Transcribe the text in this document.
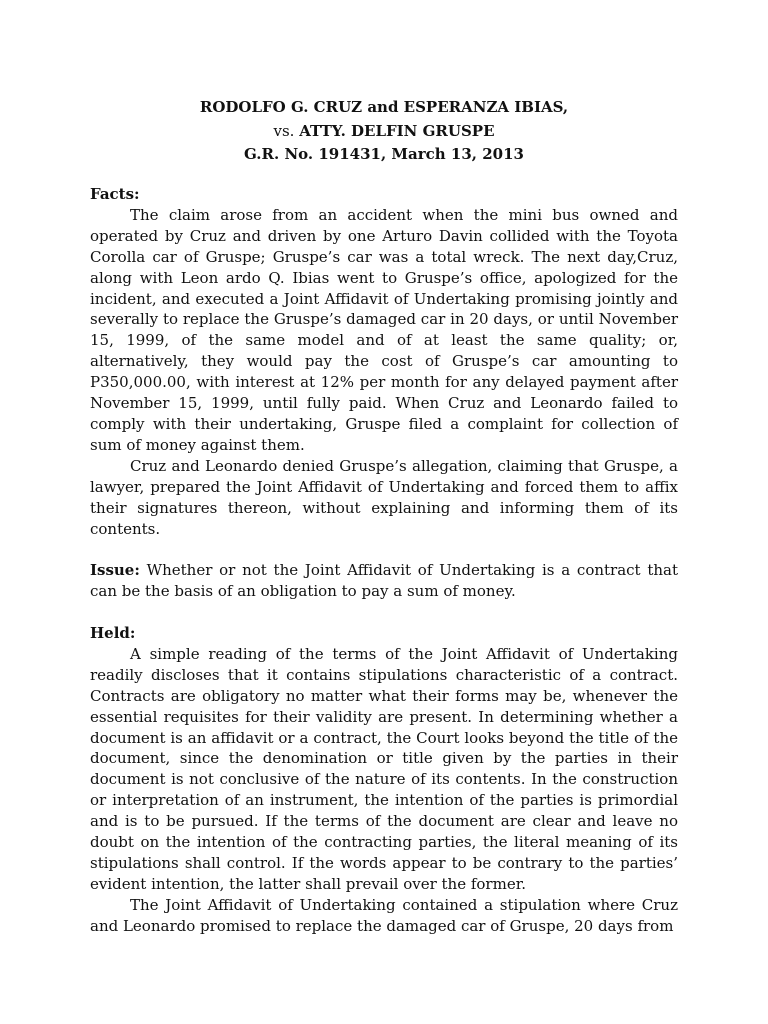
RODOLFO G. CRUZ and ESPERANZA IBIAS,
vs. ATTY. DELFIN GRUSPE
G.R. No. 191431, March 13, 2013

Facts:

The claim arose from an accident when the mini bus owned and operated by Cruz and driven by one Arturo Davin collided with the Toyota Corolla car of Gruspe; Gruspe’s car was a total wreck. The next day,Cruz, along with Leon ardo Q. Ibias went to Gruspe’s office, apologized for the incident, and executed a Joint Affidavit of Undertaking promising jointly and severally to replace the Gruspe’s damaged car in 20 days, or until November 15, 1999, of the same model and of at least the same quality; or, alternatively, they would pay the cost of Gruspe’s car amounting to P350,000.00, with interest at 12% per month for any delayed payment after November 15, 1999, until fully paid. When Cruz and Leonardo failed to comply with their undertaking, Gruspe filed a complaint for collection of sum of money against them.

Cruz and Leonardo denied Gruspe’s allegation, claiming that Gruspe, a lawyer, prepared the Joint Affidavit of Undertaking and forced them to affix their signatures thereon, without explaining and informing them of its contents.

Issue: Whether or not the Joint Affidavit of Undertaking is a contract that can be the basis of an obligation to pay a sum of money.

Held:

A simple reading of the terms of the Joint Affidavit of Undertaking readily discloses that it contains stipulations characteristic of a contract. Contracts are obligatory no matter what their forms may be, whenever the essential requisites for their validity are present. In determining whether a document is an affidavit or a contract, the Court looks beyond the title of the document, since the denomination or title given by the parties in their document is not conclusive of the nature of its contents. In the construction or interpretation of an instrument, the intention of the parties is primordial and is to be pursued. If the terms of the document are clear and leave no doubt on the intention of the contracting parties, the literal meaning of its stipulations shall control. If the words appear to be contrary to the parties’ evident intention, the latter shall prevail over the former.

The Joint Affidavit of Undertaking contained a stipulation where Cruz and Leonardo promised to replace the damaged car of Gruspe, 20 days from
